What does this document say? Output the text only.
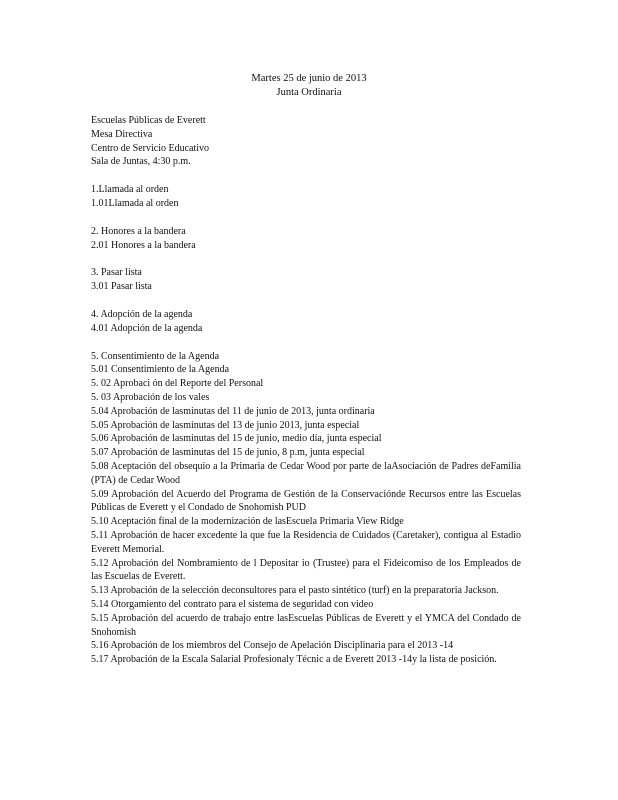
Martes 25 de junio de 2013
Junta Ordinaria

Escuelas Públicas de Everett

Mesa Directiva

Centro de Servicio Educativo

Sala de Juntas, 4:30 p.m.

1.Llamada al orden

1.01Llamada al orden

2. Honores a la bandera

2.01 Honores a la bandera

3. Pasar lista

3.01 Pasar lista

4. Adopción de la agenda

4.01 Adopción de la agenda

5. Consentimiento de la Agenda

5.01 Consentimiento de la Agenda

5. 02 Aprobaci ón del Reporte del Personal

5. 03 Aprobación de los vales

5.04 Aprobación de lasminutas del 11 de junio de 2013, junta ordinaria

5.05 Aprobación de lasminutas del 13 de junio 2013, junta especial

5.06 Aprobación de lasminutas del 15 de junio, medio día, junta especial

5.07 Aprobación de lasminutas del 15 de junio, 8 p.m, junta especial

5.08 Aceptación del obsequio a la Primaria de Cedar Wood por parte de laAsociación de Padres deFamilia (PTA) de Cedar Wood

5.09 Aprobación del Acuerdo del Programa de Gestión de la Conservaciónde Recursos entre las Escuelas Públicas de Everett y el Condado de Snohomish PUD

5.10 Aceptación final de la modernización de lasEscuela Primaria View Ridge

5.11 Aprobación de hacer excedente la que fue la Residencia de Cuidados (Caretaker), contigua al Estadio Everett Memorial.

5.12 Aprobación del Nombramiento de l Depositar io (Trustee) para el Fideicomiso de los Empleados de las Escuelas de Everett.

5.13 Aprobación de la selección deconsultores para el pasto sintético (turf) en la preparatoria Jackson.

5.14 Otorgamiento del contrato para el sistema de seguridad con video

5.15 Aprobación del acuerdo de trabajo entre lasEscuelas Públicas de Everett y el YMCA del Condado de Snohomish

5.16 Aprobación de los miembros del Consejo de Apelación Disciplinaria para el 2013 -14

5.17 Aprobación de la Escala Salarial Profesionaly Técnic a de Everett 2013 -14y la lista de posición.
